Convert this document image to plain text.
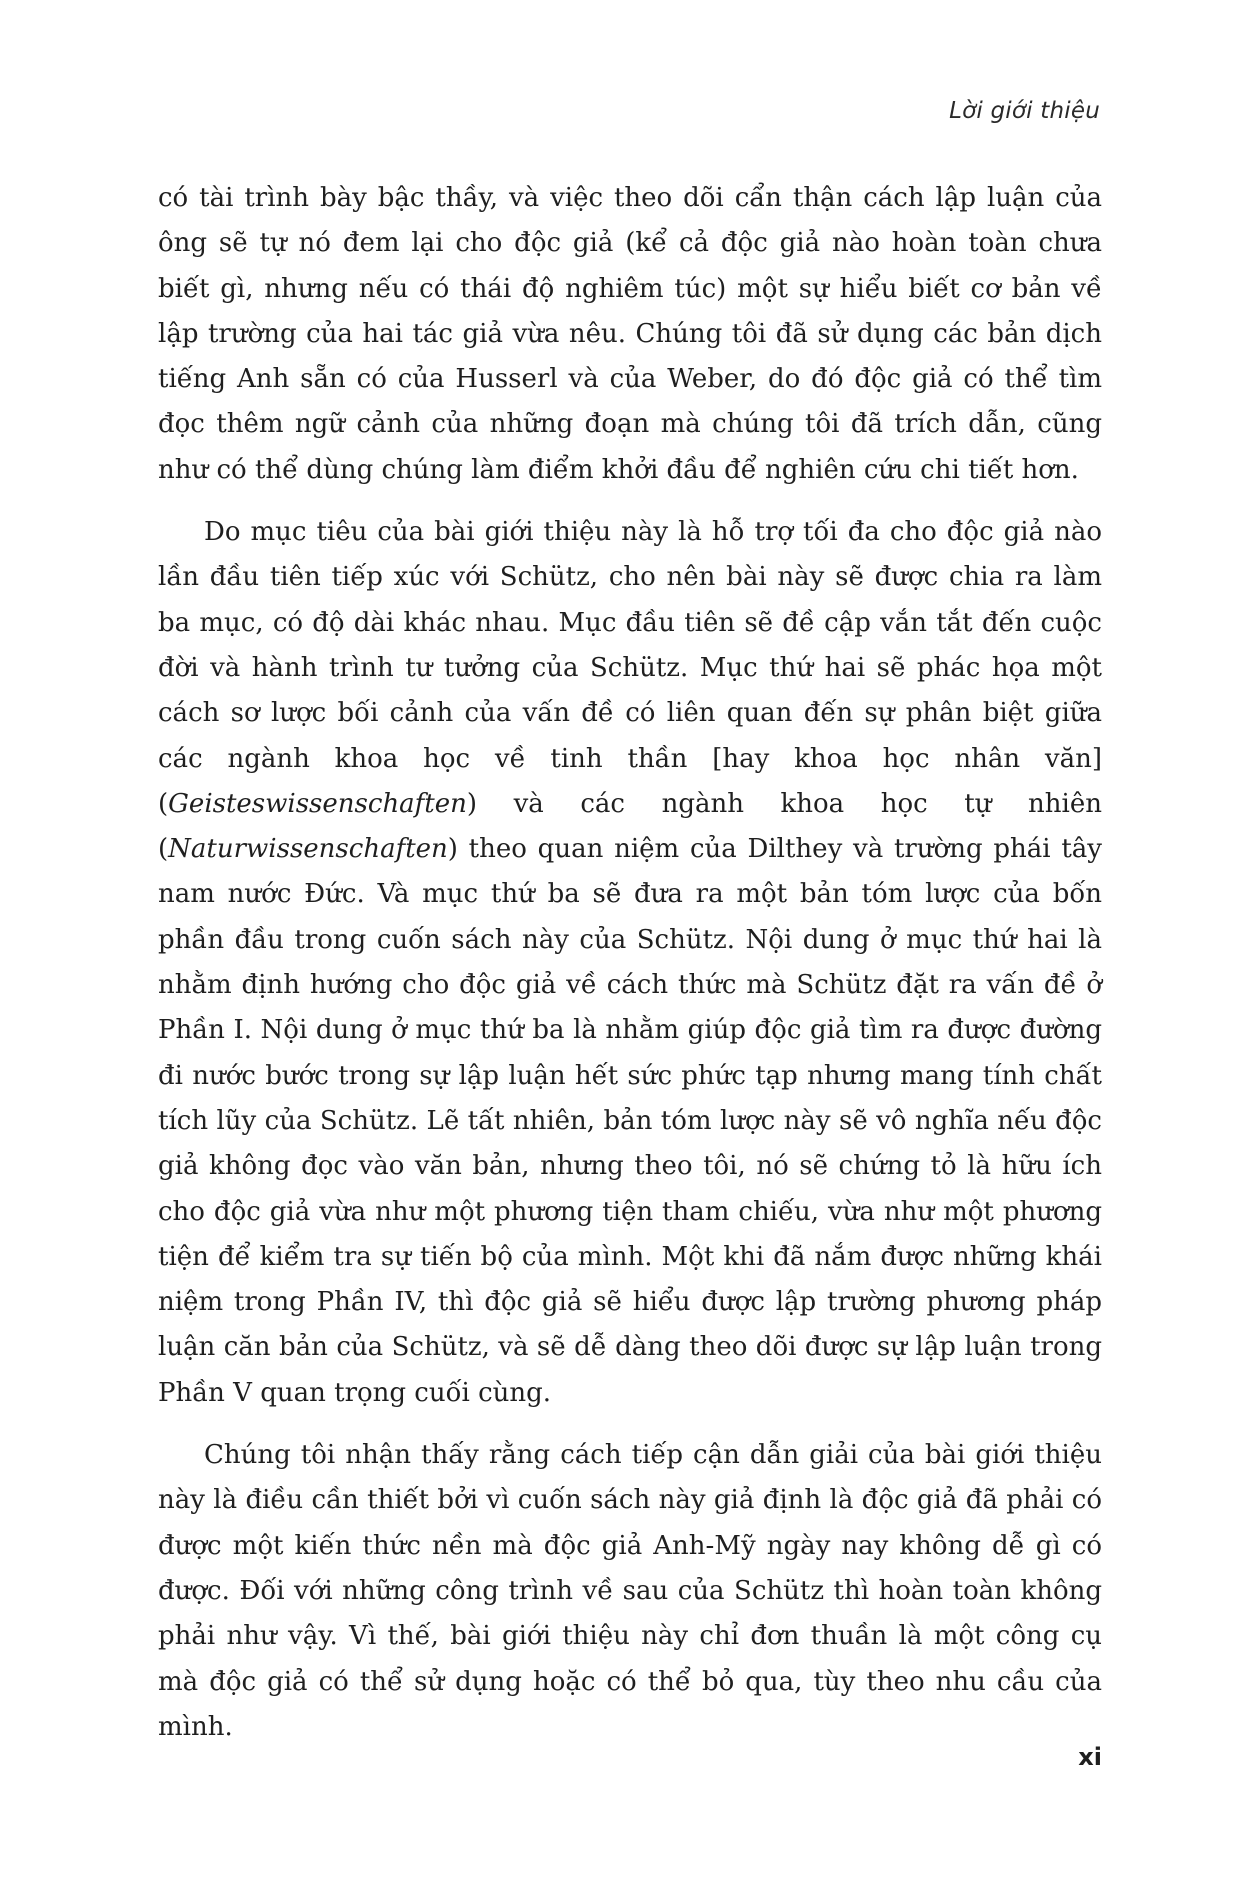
Lời giới thiệu

có tài trình bày bậc thầy, và việc theo dõi cẩn thận cách lập luận của ông sẽ tự nó đem lại cho độc giả (kể cả độc giả nào hoàn toàn chưa biết gì, nhưng nếu có thái độ nghiêm túc) một sự hiểu biết cơ bản về lập trường của hai tác giả vừa nêu. Chúng tôi đã sử dụng các bản dịch tiếng Anh sẵn có của Husserl và của Weber, do đó độc giả có thể tìm đọc thêm ngữ cảnh của những đoạn mà chúng tôi đã trích dẫn, cũng như có thể dùng chúng làm điểm khởi đầu để nghiên cứu chi tiết hơn.

Do mục tiêu của bài giới thiệu này là hỗ trợ tối đa cho độc giả nào lần đầu tiên tiếp xúc với Schütz, cho nên bài này sẽ được chia ra làm ba mục, có độ dài khác nhau. Mục đầu tiên sẽ đề cập vắn tắt đến cuộc đời và hành trình tư tưởng của Schütz. Mục thứ hai sẽ phác họa một cách sơ lược bối cảnh của vấn đề có liên quan đến sự phân biệt giữa các ngành khoa học về tinh thần [hay khoa học nhân văn] (Geisteswissenschaften) và các ngành khoa học tự nhiên (Naturwissenschaften) theo quan niệm của Dilthey và trường phái tây nam nước Đức. Và mục thứ ba sẽ đưa ra một bản tóm lược của bốn phần đầu trong cuốn sách này của Schütz. Nội dung ở mục thứ hai là nhằm định hướng cho độc giả về cách thức mà Schütz đặt ra vấn đề ở Phần I. Nội dung ở mục thứ ba là nhằm giúp độc giả tìm ra được đường đi nước bước trong sự lập luận hết sức phức tạp nhưng mang tính chất tích lũy của Schütz. Lẽ tất nhiên, bản tóm lược này sẽ vô nghĩa nếu độc giả không đọc vào văn bản, nhưng theo tôi, nó sẽ chứng tỏ là hữu ích cho độc giả vừa như một phương tiện tham chiếu, vừa như một phương tiện để kiểm tra sự tiến bộ của mình. Một khi đã nắm được những khái niệm trong Phần IV, thì độc giả sẽ hiểu được lập trường phương pháp luận căn bản của Schütz, và sẽ dễ dàng theo dõi được sự lập luận trong Phần V quan trọng cuối cùng.

Chúng tôi nhận thấy rằng cách tiếp cận dẫn giải của bài giới thiệu này là điều cần thiết bởi vì cuốn sách này giả định là độc giả đã phải có được một kiến thức nền mà độc giả Anh-Mỹ ngày nay không dễ gì có được. Đối với những công trình về sau của Schütz thì hoàn toàn không phải như vậy. Vì thế, bài giới thiệu này chỉ đơn thuần là một công cụ mà độc giả có thể sử dụng hoặc có thể bỏ qua, tùy theo nhu cầu của mình.

xi
